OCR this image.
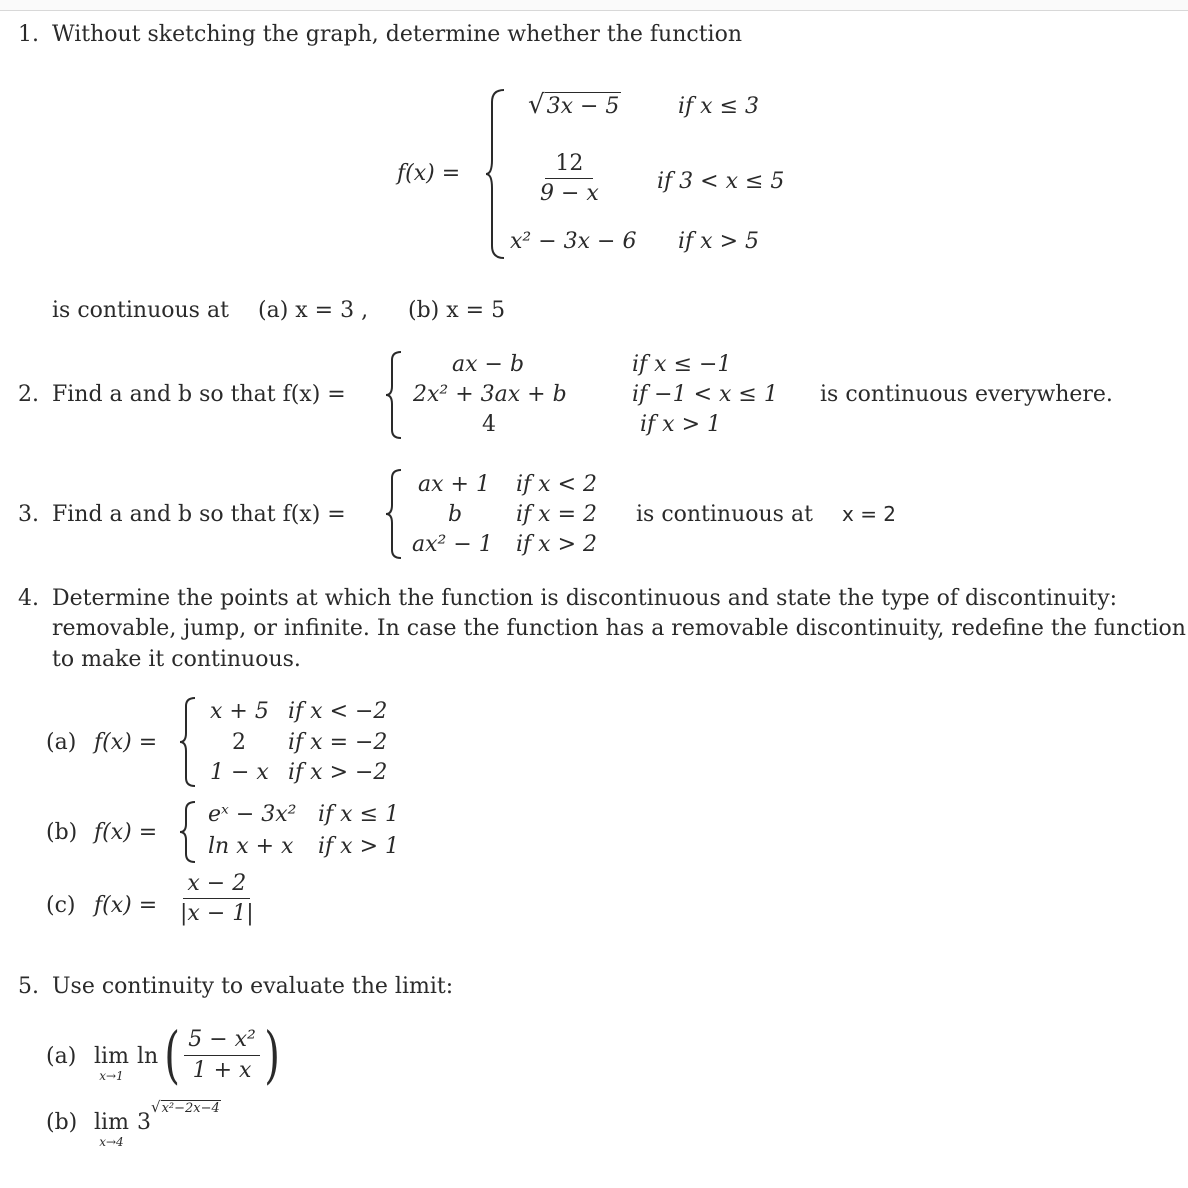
1. Without sketching the graph, determine whether the function
f(x) =
√3x − 5	if x ≤ 3
$\frac{12}{9 - x}$ if 3 < x ≤ 5
x² − 3x − 6 if x > 5
is continuous at (a) x = 3 , (b) x = 5
2. Find a and b so that f(x) =
ax − b	if x ≤ −1
2x² + 3ax + b	if −1 < x ≤ 1
4	if x > 1
is continuous everywhere.
3. Find a and b so that f(x) =
ax + 1 if x < 2
b if x = 2
ax² − 1 if x > 2
is continuous at x = 2
4. Determine the points at which the function is discontinuous and state the type of discontinuity:
removable, jump, or infinite. In case the function has a removable discontinuity, redefine the function
to make it continuous.
(a) f(x) =
x + 5 if x < −2
2 if x = −2
1 − x if x > −2
(b) f(x) =
eˣ − 3x² if x ≤ 1
ln x + x if x > 1
(c) $f(x) = \frac{x - 2}{|x - 1|}$
5. Use continuity to evaluate the limit:
(a) lim
x→1
ln ( $\frac{\text{5 − x²}}{1 + x}$ )
(b) lim
x→4
3
√x²−2x−4
